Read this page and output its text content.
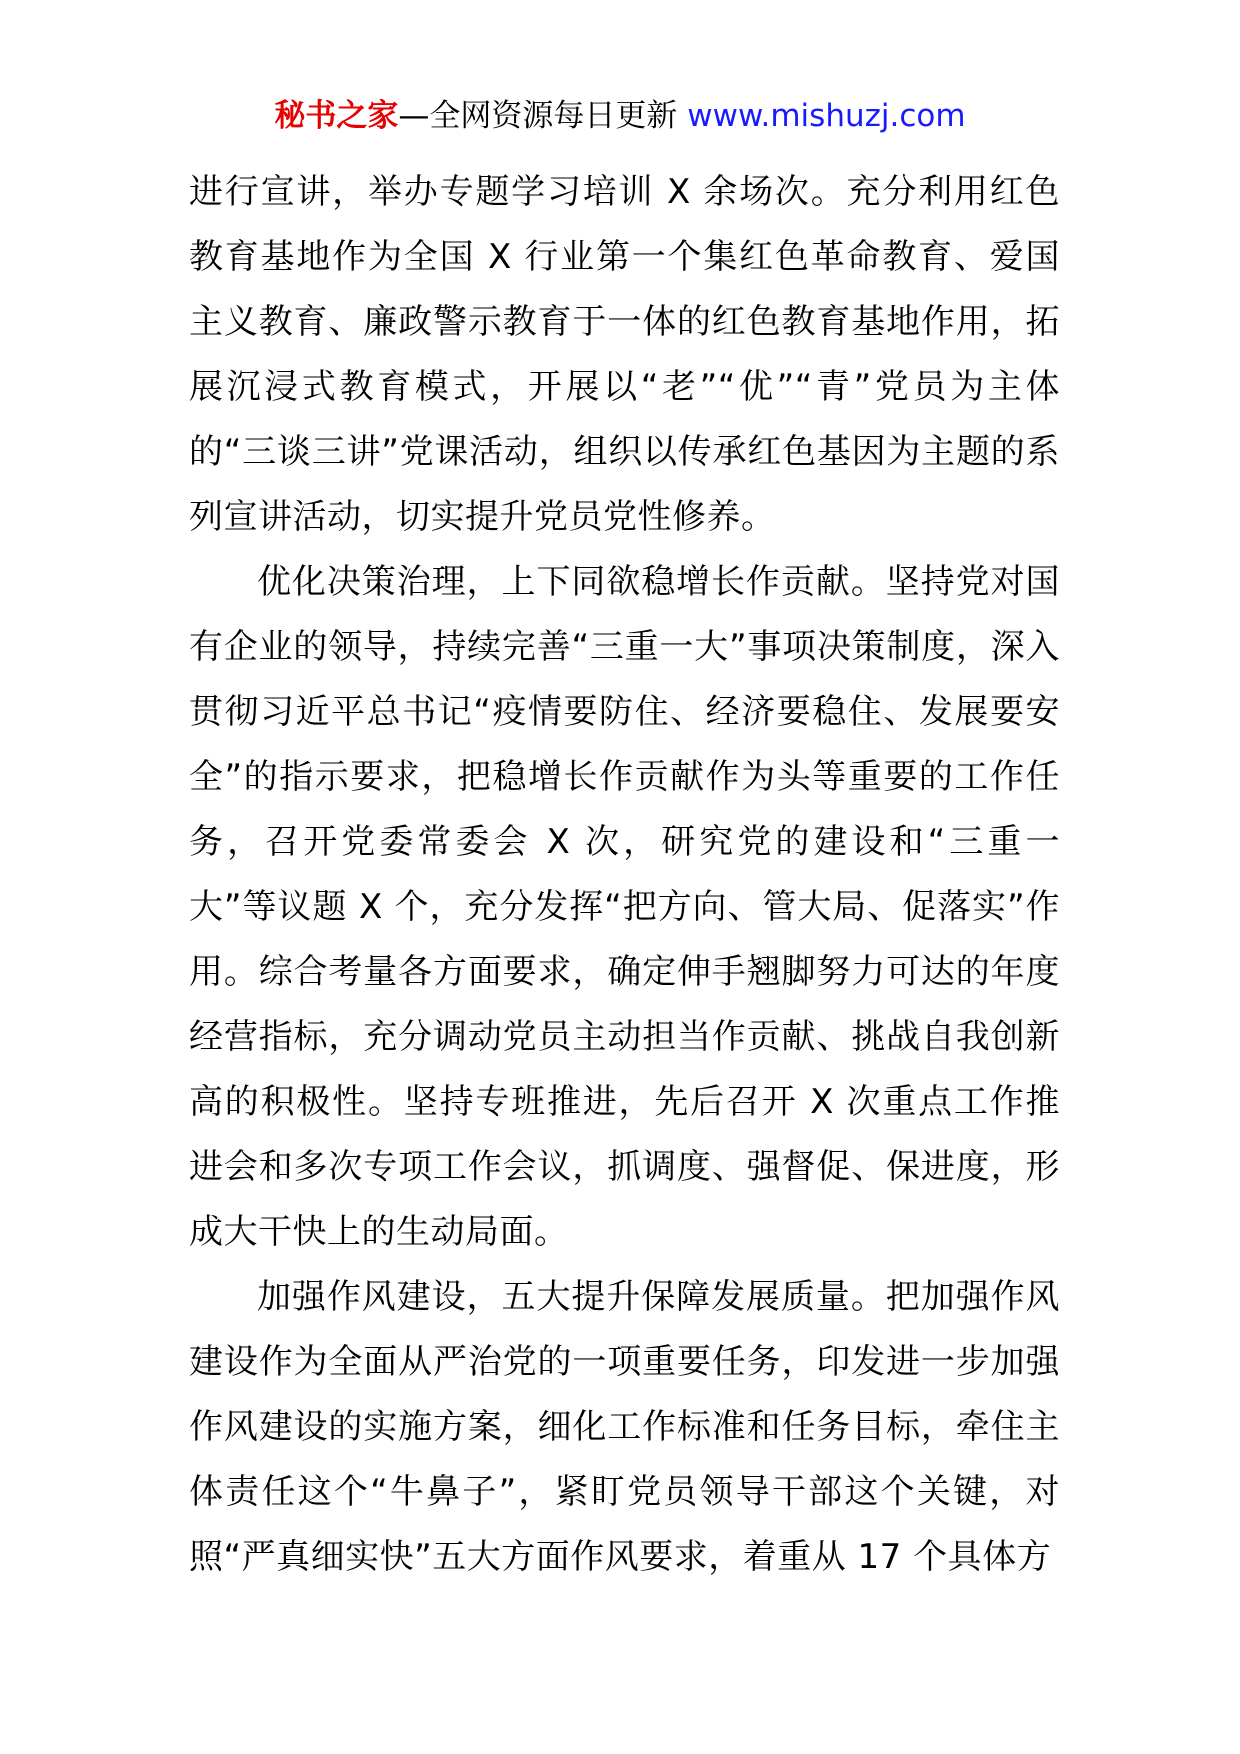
秘书之家—全网资源每日更新 www.mishuzj.com

进行宣讲，举办专题学习培训 X 余场次。充分利用红色教育基地作为全国 X 行业第一个集红色革命教育、爱国主义教育、廉政警示教育于一体的红色教育基地作用，拓展沉浸式教育模式，开展以“老”“优”“青”党员为主体的“三谈三讲”党课活动，组织以传承红色基因为主题的系列宣讲活动，切实提升党员党性修养。

优化决策治理，上下同欲稳增长作贡献。坚持党对国有企业的领导，持续完善“三重一大”事项决策制度，深入贯彻习近平总书记“疫情要防住、经济要稳住、发展要安全”的指示要求，把稳增长作贡献作为头等重要的工作任务，召开党委常委会 X 次，研究党的建设和“三重一大”等议题 X 个，充分发挥“把方向、管大局、促落实”作用。综合考量各方面要求，确定伸手翘脚努力可达的年度经营指标，充分调动党员主动担当作贡献、挑战自我创新高的积极性。坚持专班推进，先后召开 X 次重点工作推进会和多次专项工作会议，抓调度、强督促、保进度，形成大干快上的生动局面。

加强作风建设，五大提升保障发展质量。把加强作风建设作为全面从严治党的一项重要任务，印发进一步加强作风建设的实施方案，细化工作标准和任务目标，牵住主体责任这个“牛鼻子”，紧盯党员领导干部这个关键，对照“严真细实快”五大方面作风要求，着重从 17 个具体方
